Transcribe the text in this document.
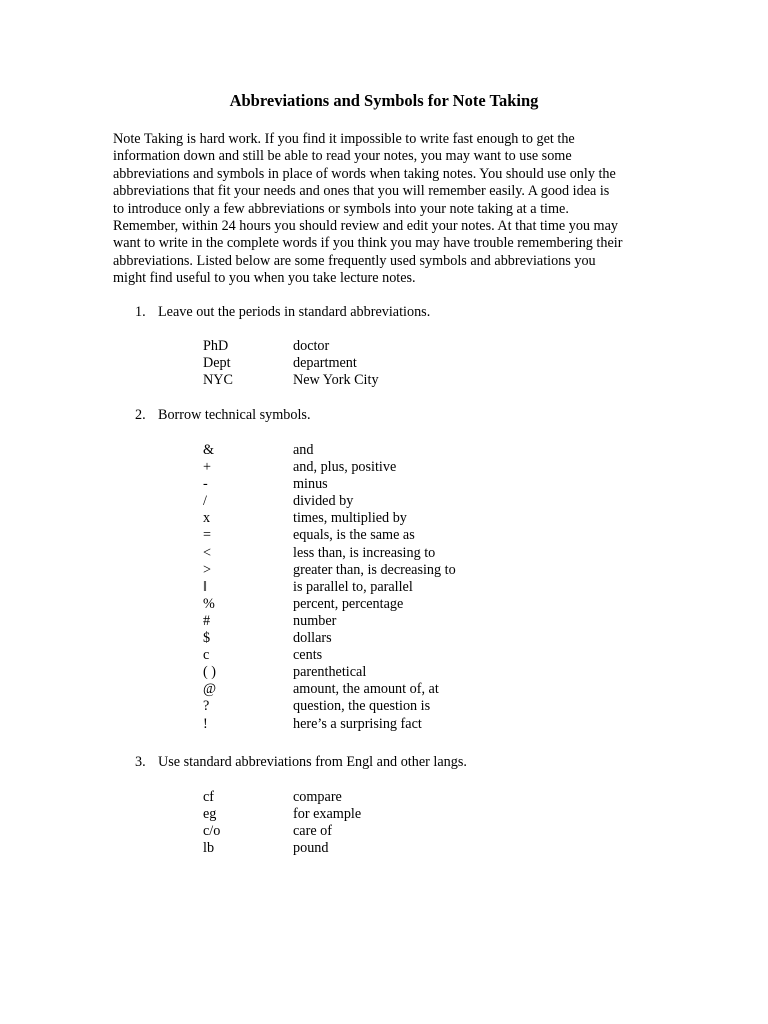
Abbreviations and Symbols for Note Taking
Note Taking is hard work. If you find it impossible to write fast enough to get the
information down and still be able to read your notes, you may want to use some
abbreviations and symbols in place of words when taking notes. You should use only the
abbreviations that fit your needs and ones that you will remember easily. A good idea is
to introduce only a few abbreviations or symbols into your note taking at a time.
Remember, within 24 hours you should review and edit your notes. At that time you may
want to write in the complete words if you think you may have trouble remembering their
abbreviations. Listed below are some frequently used symbols and abbreviations you
might find useful to you when you take lecture notes.

1. Leave out the periods in standard abbreviations.

PhD	doctor
Dept	department
NYC	New York City

2. Borrow technical symbols.

&	and
+	and, plus, positive
-	minus
/	divided by
x	times, multiplied by
=	equals, is the same as
<	less than, is increasing to
>	greater than, is decreasing to
‖	is parallel to, parallel
%	percent, percentage
#	number
$	dollars
c	cents
( )	parenthetical
@	amount, the amount of, at
?	question, the question is
!	here’s a surprising fact

3. Use standard abbreviations from Engl and other langs.

cf	compare
eg	for example
c/o	care of
lb	pound
